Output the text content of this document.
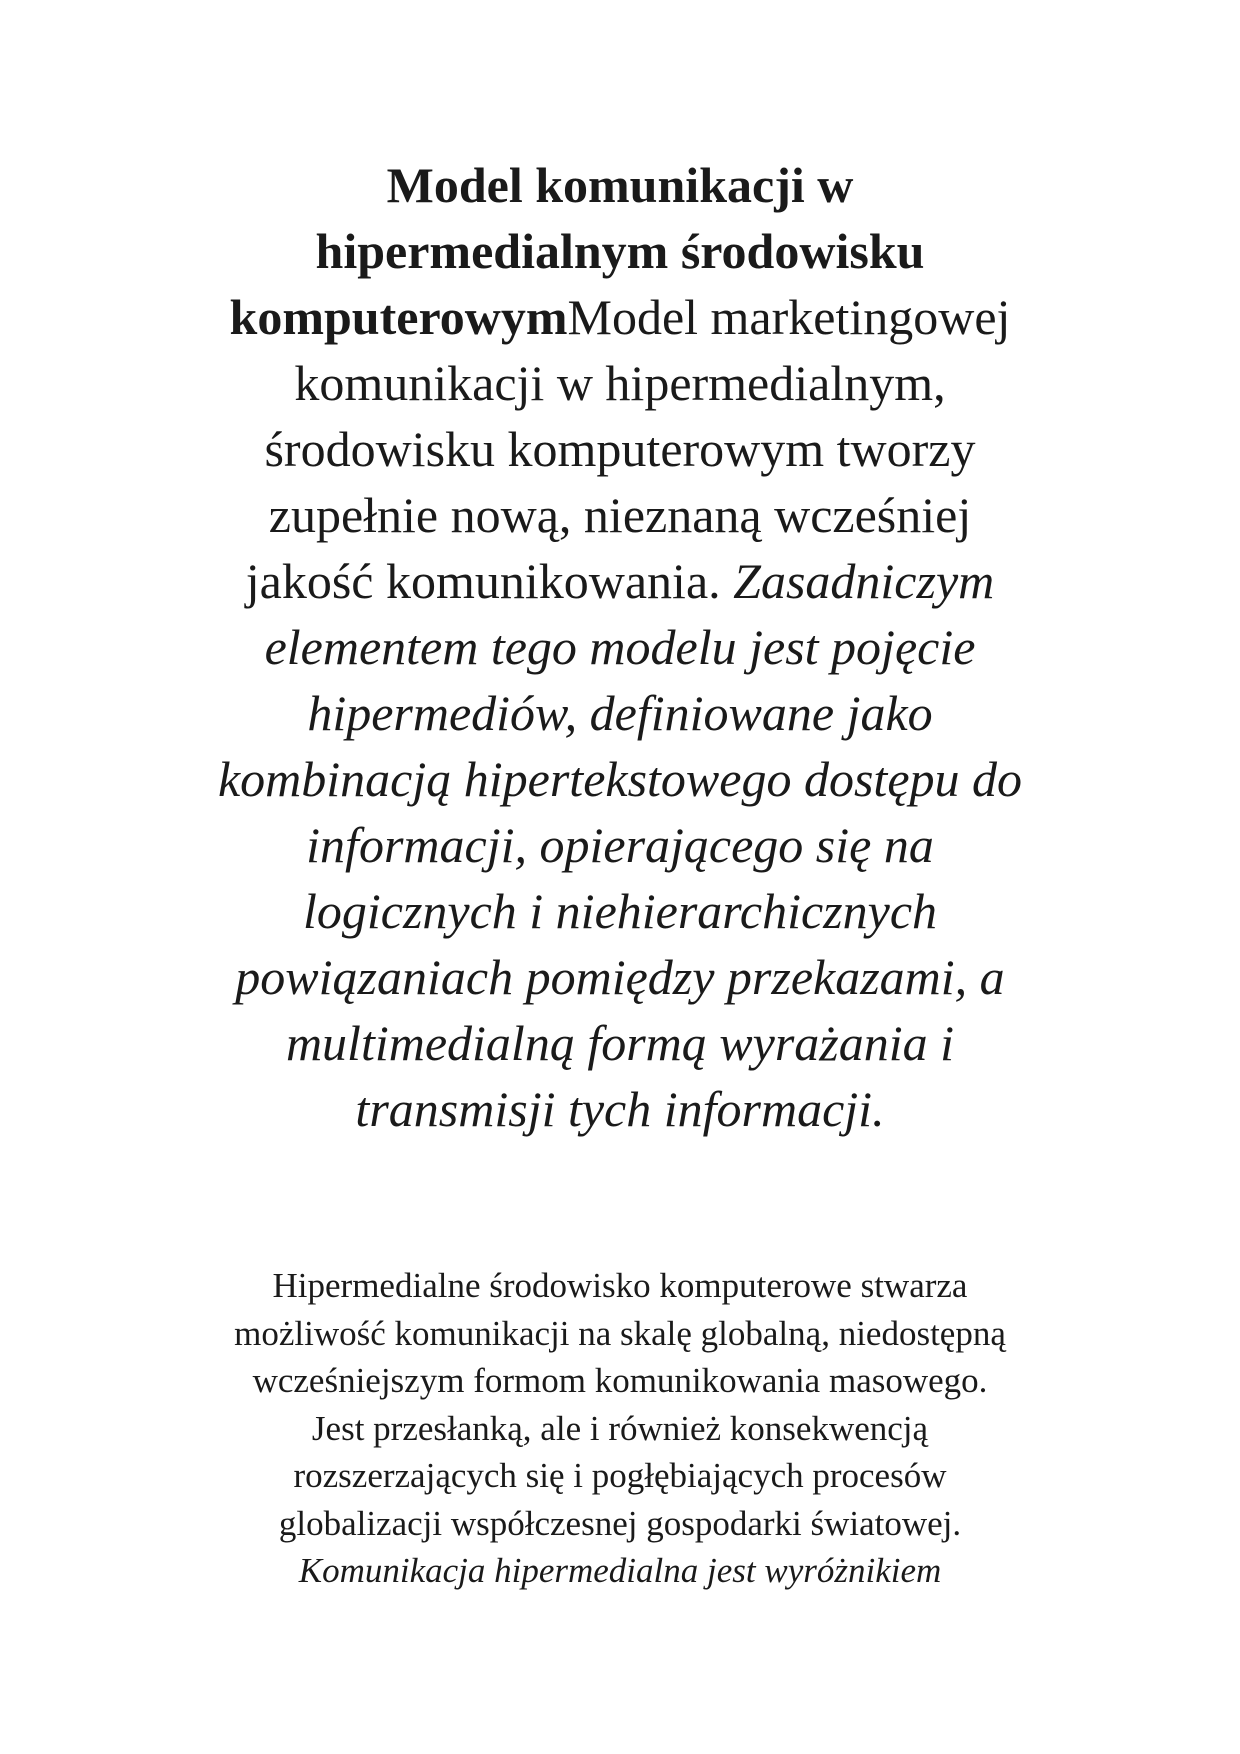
Model komunikacji w
hipermedialnym środowisku
komputerowymModel marketingowej
komunikacji w hipermedialnym,
środowisku komputerowym tworzy
zupełnie nową, nieznaną wcześniej
jakość komunikowania. Zasadniczym
elementem tego modelu jest pojęcie
hipermediów, definiowane jako
kombinacją hipertekstowego dostępu do
informacji, opierającego się na
logicznych i niehierarchicznych
powiązaniach pomiędzy przekazami, a
multimedialną formą wyrażania i
transmisji tych informacji.
Hipermedialne środowisko komputerowe stwarza
możliwość komunikacji na skalę globalną, niedostępną
wcześniejszym formom komunikowania masowego.
Jest przesłanką, ale i również konsekwencją
rozszerzających się i pogłębiających procesów
globalizacji współczesnej gospodarki światowej.
Komunikacja hipermedialna jest wyróżnikiem
